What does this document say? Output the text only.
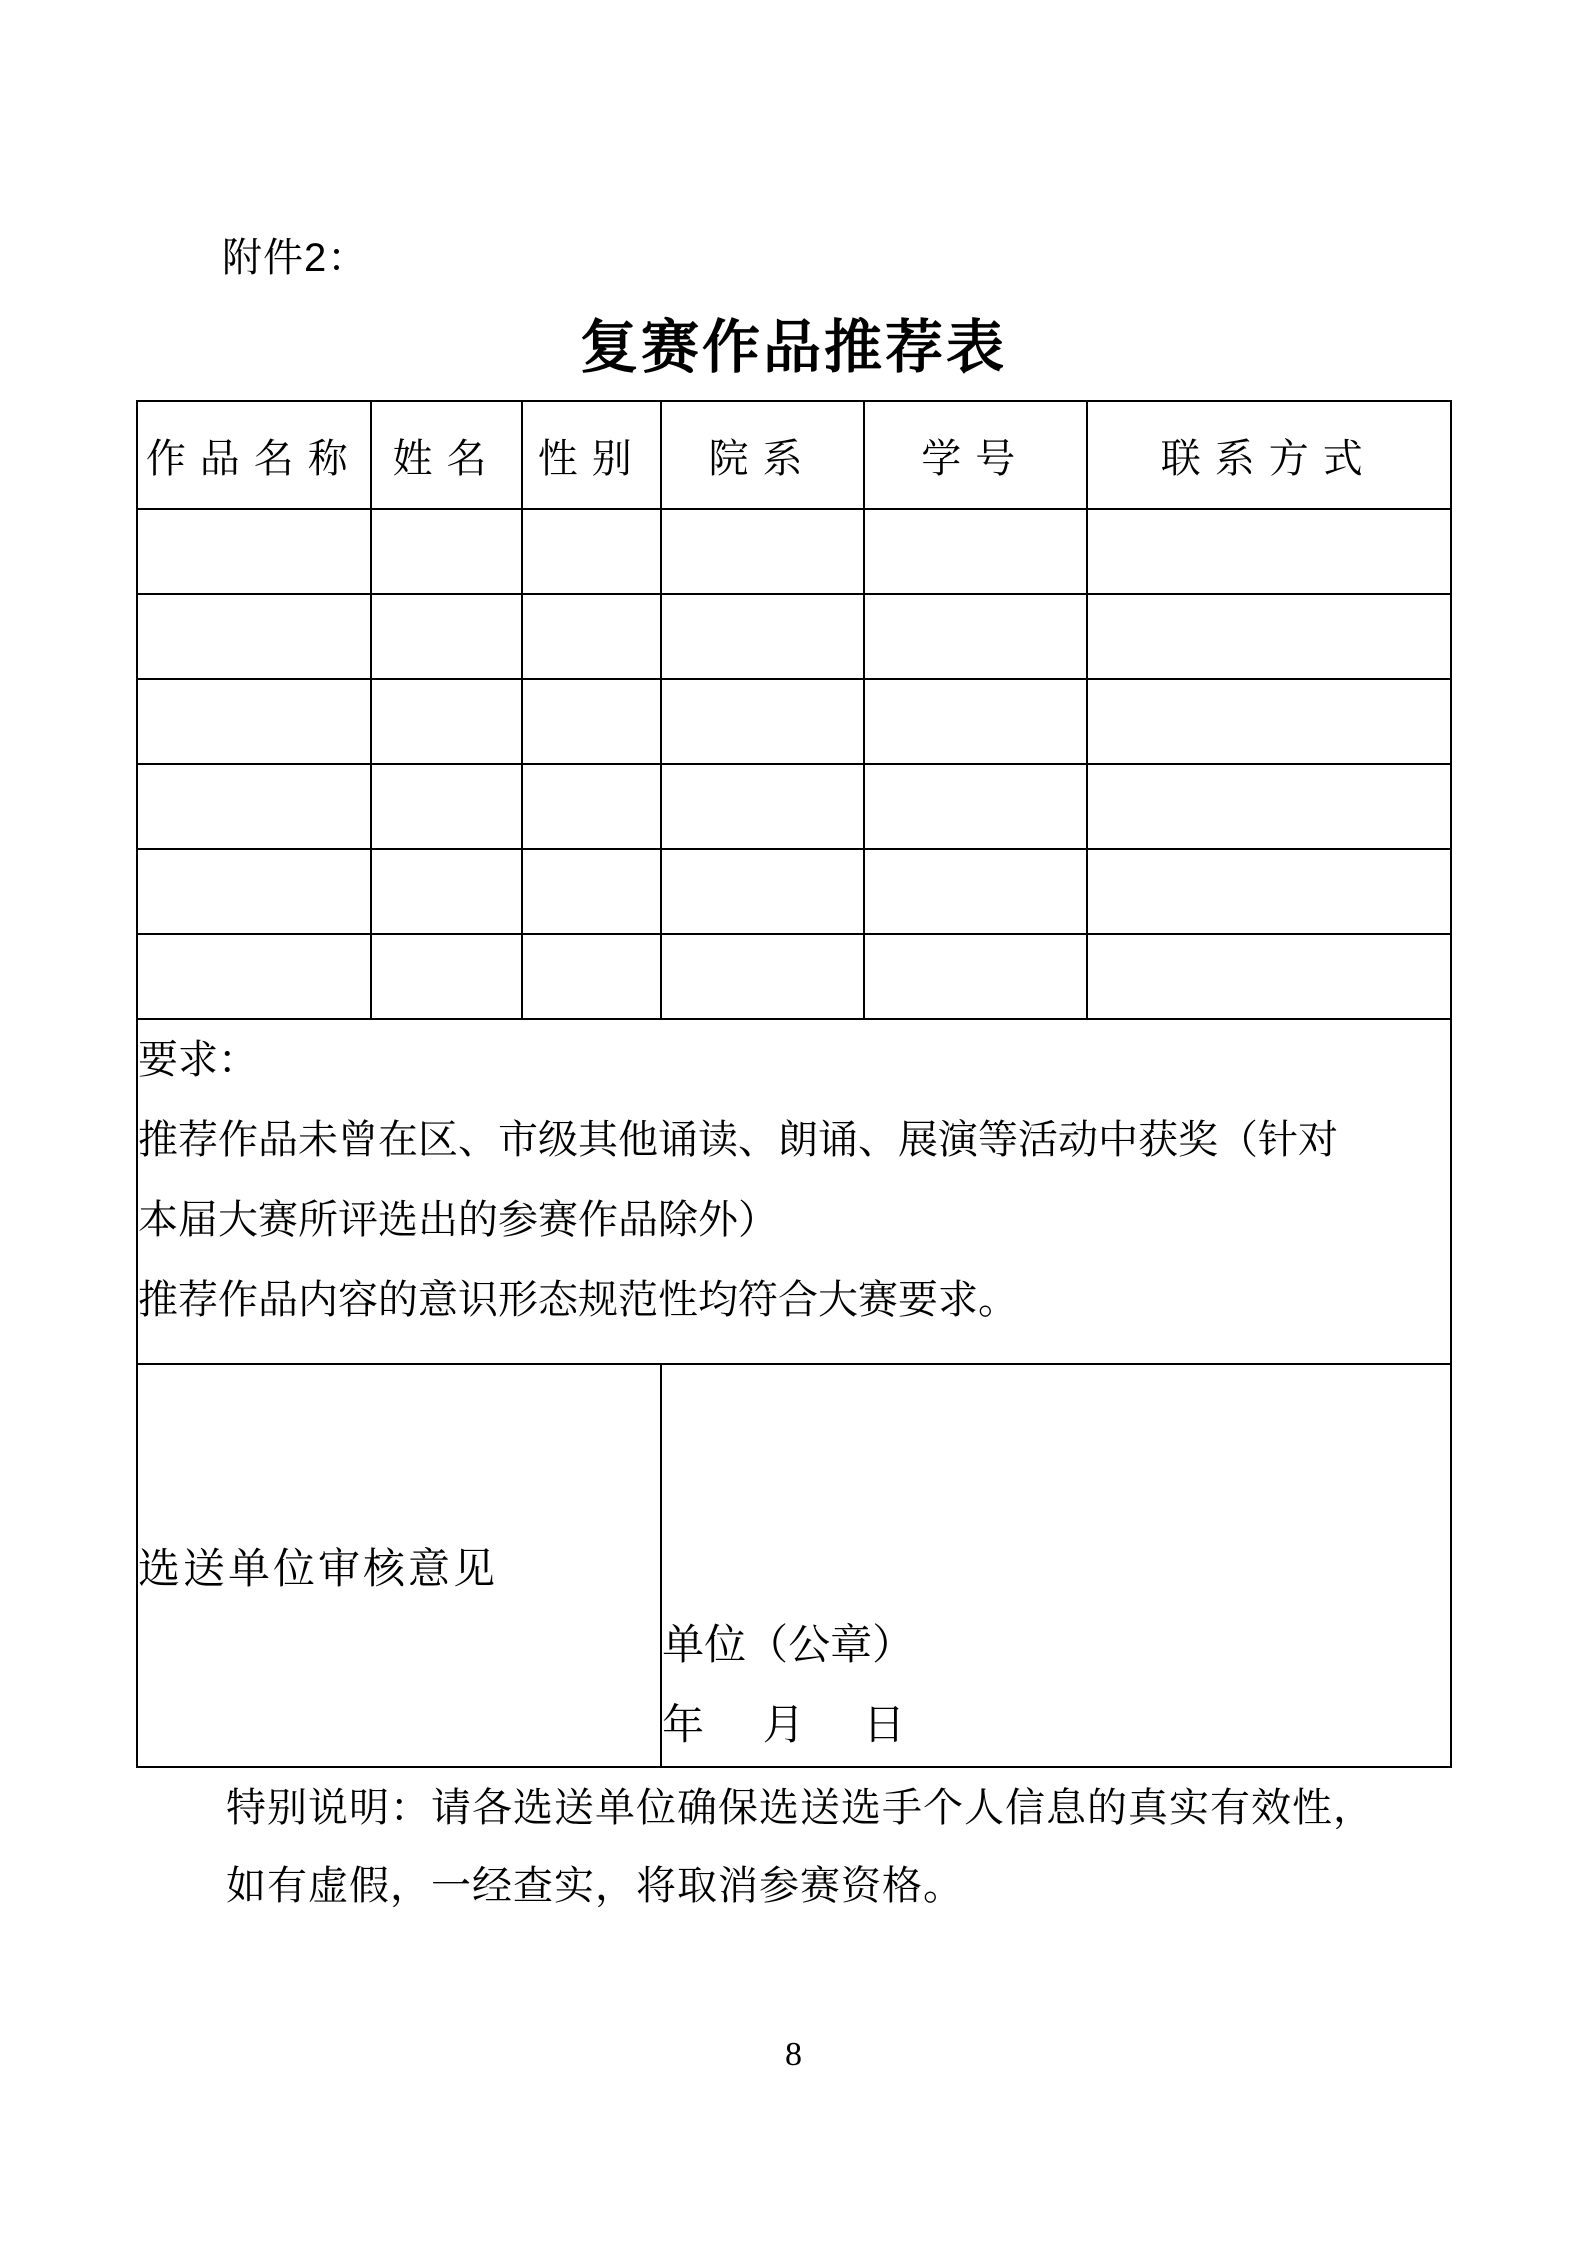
附件2：
复赛作品推荐表
作品名称	姓名	性别	院系	学号	联系方式

要求：
推荐作品未曾在区、市级其他诵读、朗诵、展演等活动中获奖（针对
本届大赛所评选出的参赛作品除外）
推荐作品内容的意识形态规范性均符合大赛要求。					

选送单位审核意见			单位（公章）
年 月 日		
特别说明：请各选送单位确保选送选手个人信息的真实有效性，
如有虚假，一经查实，将取消参赛资格。
8
